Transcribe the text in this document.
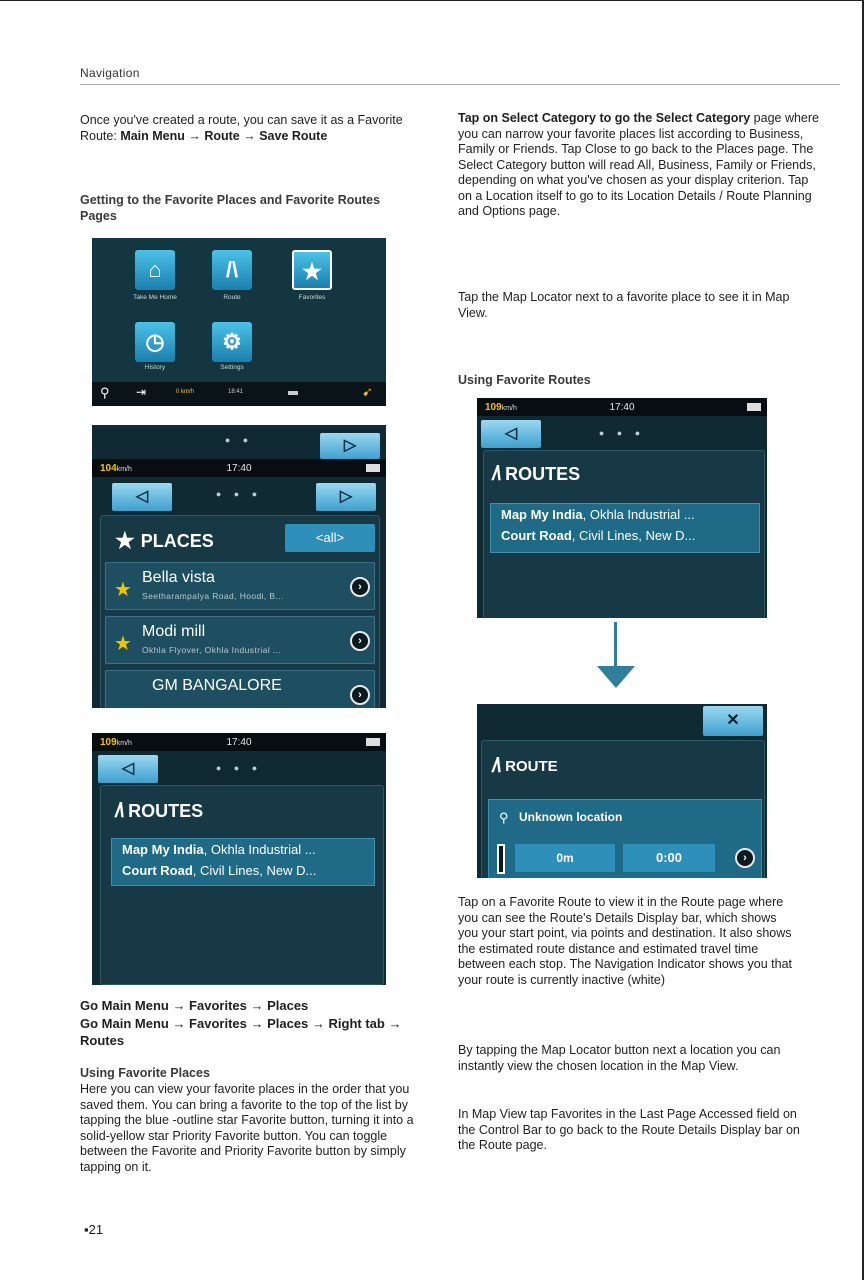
Navigation
Once you've created a route, you can save it as a Favorite Route: Main Menu → Route → Save Route
Getting to the Favorite Places and Favorite Routes Pages
⌂
Take Me Home
/\
Route
★
Favorites
◷
History
⚙
Settings
⚲ ⇥	0 km/h	18:41	➹
● ●	▷
104km/h	17:40
◁	● ● ●	▷
★ PLACES	<all>
★
Bella vista
Seetharampalya Road, Hoodi, B...
›
★
Modi mill
Okhla Flyover, Okhla Industrial ...
›
GM BANGALORE
›
109km/h	17:40
◁	● ● ●
/\ ROUTES
Map My India, Okhla Industrial ...
Court Road, Civil Lines, New D...
Go Main Menu → Favorites → Places
Go Main Menu → Favorites → Places → Right tab → Routes
Using Favorite Places
Here you can view your favorite places in the order that you saved them. You can bring a favorite to the top of the list by tapping the blue -outline star Favorite button, turning it into a solid-yellow star Priority Favorite button. You can toggle between the Favorite and Priority Favorite button by simply tapping on it.
▪21
Tap on Select Category to go the Select Category page where you can narrow your favorite places list according to Business, Family or Friends. Tap Close to go back to the Places page. The Select Category button will read All, Business, Family or Friends, depending on what you've chosen as your display criterion. Tap on a Location itself to go to its Location Details / Route Planning and Options page.
Tap the Map Locator next to a favorite place to see it in Map View.
Using Favorite Routes
109km/h	17:40
◁	● ● ●
/\ ROUTES
Map My India, Okhla Industrial ...
Court Road, Civil Lines, New D...
✕
/\ ROUTE
⚲ Unknown location
0m	0:00	›
Tap on a Favorite Route to view it in the Route page where you can see the Route's Details Display bar, which shows you your start point, via points and destination. It also shows the estimated route distance and estimated travel time between each stop. The Navigation Indicator shows you that your route is currently inactive (white)
By tapping the Map Locator button next a location you can instantly view the chosen location in the Map View.
In Map View tap Favorites in the Last Page Accessed field on the Control Bar to go back to the Route Details Display bar on the Route page.
